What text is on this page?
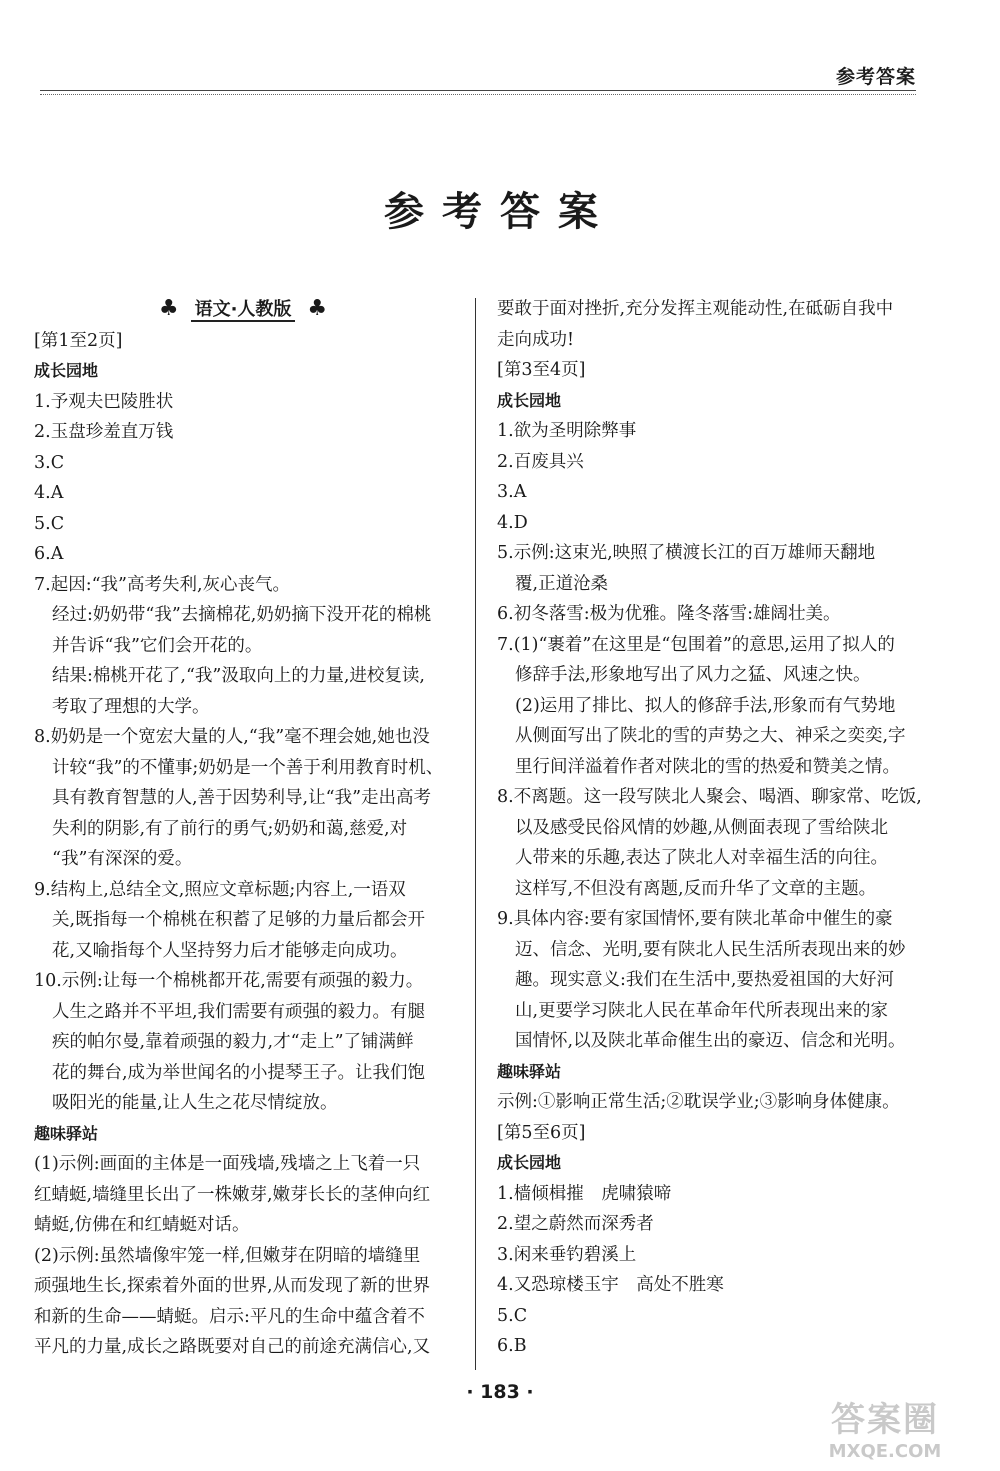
参考答案
参考答案
♣ 语文·人教版 ♣
[第1至2页]
成长园地
1.予观夫巴陵胜状
2.玉盘珍羞直万钱
3.C
4.A
5.C
6.A
7.起因:“我”高考失利,灰心丧气。
经过:奶奶带“我”去摘棉花,奶奶摘下没开花的棉桃
并告诉“我”它们会开花的。
结果:棉桃开花了,“我”汲取向上的力量,进校复读,
考取了理想的大学。
8.奶奶是一个宽宏大量的人,“我”毫不理会她,她也没
计较“我”的不懂事;奶奶是一个善于利用教育时机、
具有教育智慧的人,善于因势利导,让“我”走出高考
失利的阴影,有了前行的勇气;奶奶和蔼,慈爱,对
“我”有深深的爱。
9.结构上,总结全文,照应文章标题;内容上,一语双
关,既指每一个棉桃在积蓄了足够的力量后都会开
花,又喻指每个人坚持努力后才能够走向成功。
10.示例:让每一个棉桃都开花,需要有顽强的毅力。
人生之路并不平坦,我们需要有顽强的毅力。有腿
疾的帕尔曼,靠着顽强的毅力,才“走上”了铺满鲜
花的舞台,成为举世闻名的小提琴王子。让我们饱
吸阳光的能量,让人生之花尽情绽放。
趣味驿站
(1)示例:画面的主体是一面残墙,残墙之上飞着一只
红蜻蜓,墙缝里长出了一株嫩芽,嫩芽长长的茎伸向红
蜻蜓,仿佛在和红蜻蜓对话。
(2)示例:虽然墙像牢笼一样,但嫩芽在阴暗的墙缝里
顽强地生长,探索着外面的世界,从而发现了新的世界
和新的生命——蜻蜓。启示:平凡的生命中蕴含着不
平凡的力量,成长之路既要对自己的前途充满信心,又
要敢于面对挫折,充分发挥主观能动性,在砥砺自我中
走向成功!
[第3至4页]
成长园地
1.欲为圣明除弊事
2.百废具兴
3.A
4.D
5.示例:这束光,映照了横渡长江的百万雄师天翻地
覆,正道沧桑
6.初冬落雪:极为优雅。隆冬落雪:雄阔壮美。
7.(1)“裹着”在这里是“包围着”的意思,运用了拟人的
修辞手法,形象地写出了风力之猛、风速之快。
(2)运用了排比、拟人的修辞手法,形象而有气势地
从侧面写出了陕北的雪的声势之大、神采之奕奕,字
里行间洋溢着作者对陕北的雪的热爱和赞美之情。
8.不离题。这一段写陕北人聚会、喝酒、聊家常、吃饭,
以及感受民俗风情的妙趣,从侧面表现了雪给陕北
人带来的乐趣,表达了陕北人对幸福生活的向往。
这样写,不但没有离题,反而升华了文章的主题。
9.具体内容:要有家国情怀,要有陕北革命中催生的豪
迈、信念、光明,要有陕北人民生活所表现出来的妙
趣。现实意义:我们在生活中,要热爱祖国的大好河
山,更要学习陕北人民在革命年代所表现出来的家
国情怀,以及陕北革命催生出的豪迈、信念和光明。
趣味驿站
示例:①影响正常生活;②耽误学业;③影响身体健康。
[第5至6页]
成长园地
1.樯倾楫摧　虎啸猿啼
2.望之蔚然而深秀者
3.闲来垂钓碧溪上
4.又恐琼楼玉宇　高处不胜寒
5.C
6.B
· 183 ·
答案圈
MXQE.COM
